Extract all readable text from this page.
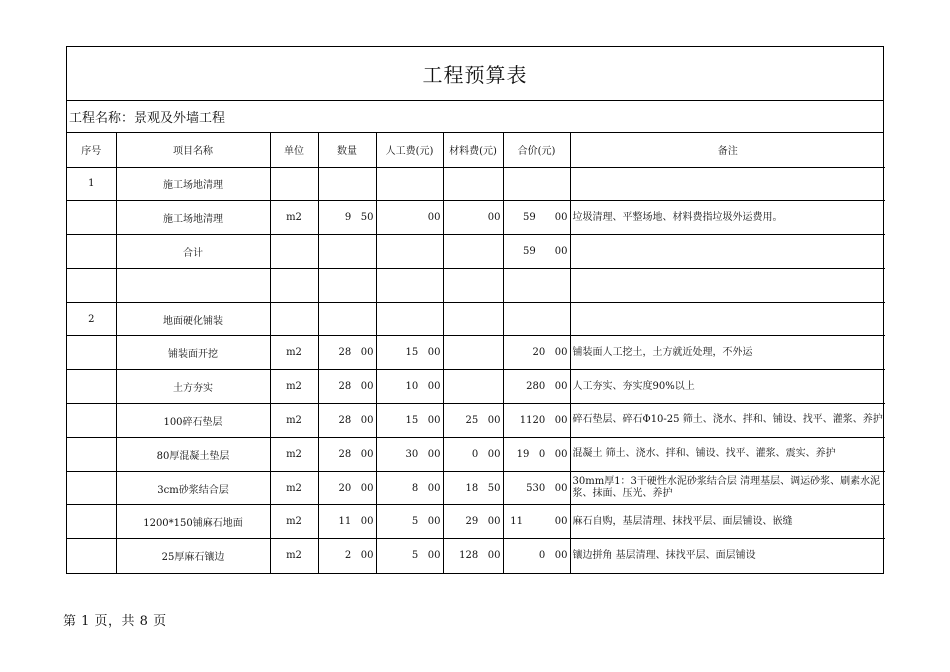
工程预算表
工程名称：景观及外墙工程
序号	项目名称	单位	数量	人工费(元)	材料费(元)	合价(元)	备注
1	施工场地清理						
	施工场地清理	m2	9   50	00	00	59      00	垃圾清理、平整场地、材料费指垃圾外运费用。
	合计					59      00	

2	地面硬化铺装						
	铺装面开挖	m2	28   00	15   00		20   00	铺装面人工挖土，土方就近处理，不外运
	土方夯实	m2	28   00	10   00		280   00	人工夯实、夯实度90%以上
	100碎石垫层	m2	28   00	15   00	25   00	1120   00	碎石垫层、碎石Φ10-25 筛土、浇水、拌和、铺设、找平、灌浆、养护
	80厚混凝土垫层	m2	28   00	30   00	0   00	19   0   00	混凝土 筛土、浇水、拌和、铺设、找平、灌浆、震实、养护
	3cm砂浆结合层	m2	20   00	8   00	18   50	530   00	30mm厚1：3干硬性水泥砂浆结合层 清理基层、调运砂浆、刷素水泥浆、抹面、压光、养护
	1200*150铺麻石地面	m2	11   00	5   00	29   00	11          00	麻石自购，基层清理、抹找平层、面层铺设、嵌缝
	25厚麻石镶边	m2	2   00	5   00	128   00	0   00	镶边拼角 基层清理、抹找平层、面层铺设
第 1 页，共 8 页
